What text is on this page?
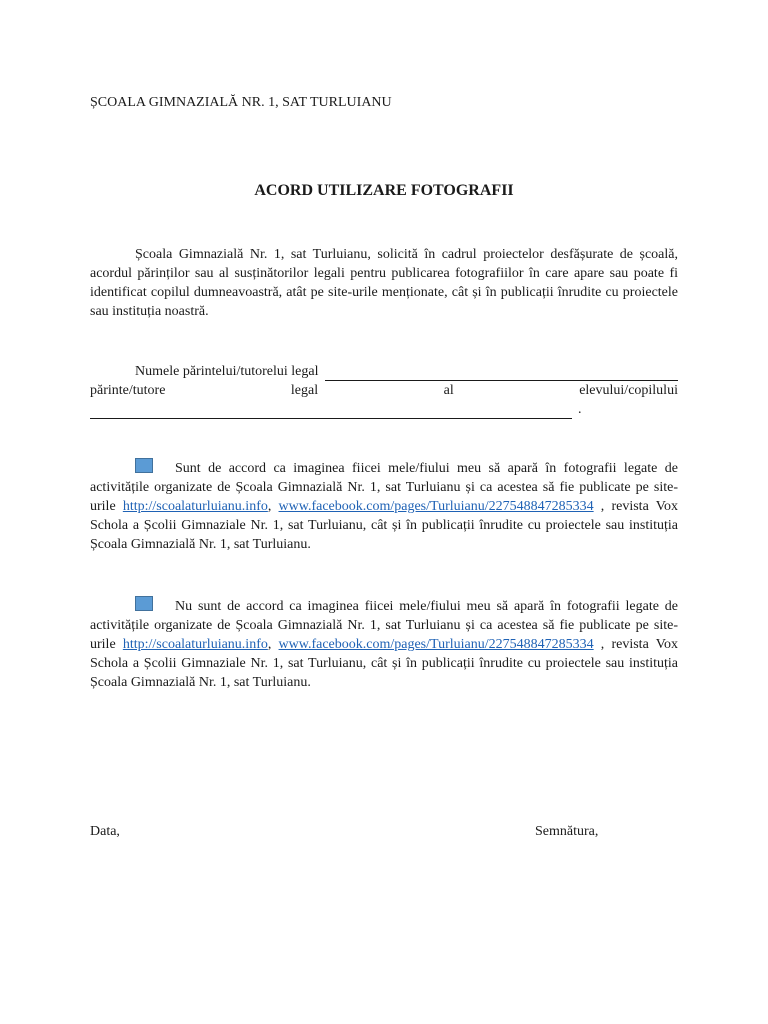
ȘCOALA GIMNAZIALĂ NR. 1, SAT TURLUIANU
ACORD UTILIZARE FOTOGRAFII

Școala Gimnazială Nr. 1, sat Turluianu, solicită în cadrul proiectelor desfășurate de școală, acordul părinților sau al susținătorilor legali pentru publicarea fotografiilor în care apare sau poate fi identificat copilul dumneavoastră, atât pe site-urile menționate, cât și în publicații înrudite cu proiectele sau instituția noastră.

Numele părintelui/tutorelui legal
părinte/tutore	legal	al	elevului/copilului
.

Sunt de accord ca imaginea fiicei mele/fiului meu să apară în fotografii legate de activitățile organizate de Școala Gimnazială Nr. 1, sat Turluianu și ca acestea să fie publicate pe site-urile http://scoalaturluianu.info, www.facebook.com/pages/Turluianu/227548847285334 , revista Vox Schola a Școlii Gimnaziale Nr. 1, sat Turluianu, cât și în publicații înrudite cu proiectele sau instituția Școala Gimnazială Nr. 1, sat Turluianu.

Nu sunt de accord ca imaginea fiicei mele/fiului meu să apară în fotografii legate de activitățile organizate de Școala Gimnazială Nr. 1, sat Turluianu și ca acestea să fie publicate pe site-urile http://scoalaturluianu.info, www.facebook.com/pages/Turluianu/227548847285334 , revista Vox Schola a Școlii Gimnaziale Nr. 1, sat Turluianu, cât și în publicații înrudite cu proiectele sau instituția Școala Gimnazială Nr. 1, sat Turluianu.

Data,	Semnătura,
